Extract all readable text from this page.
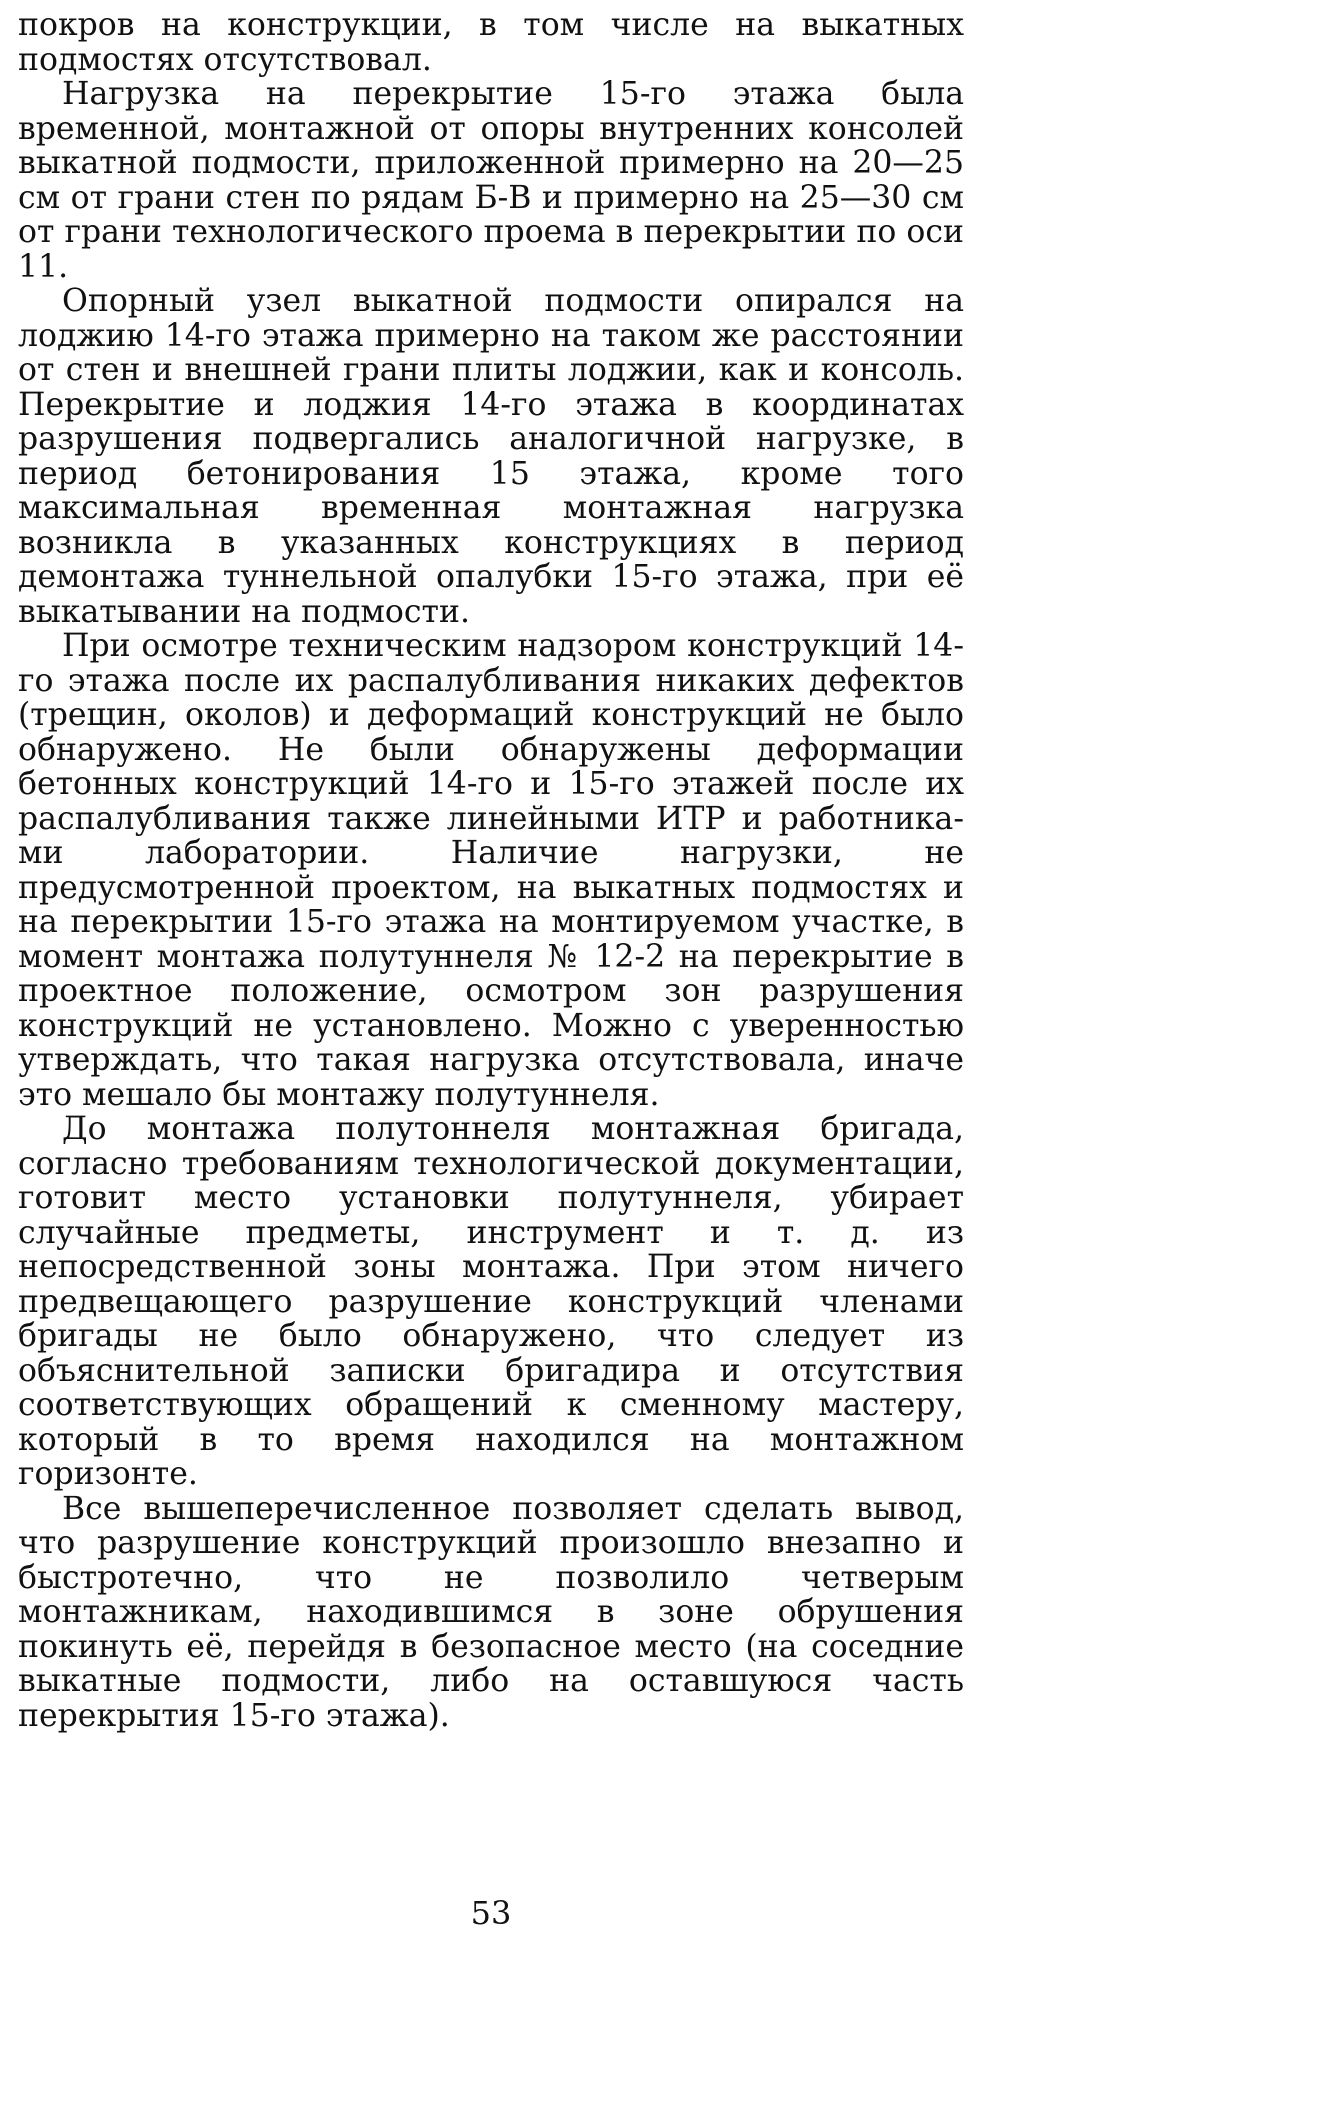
покров на конструкции, в том числе на выкатных подмостях отсутствовал.

Нагрузка на перекрытие 15-го этажа была временной, монтажной от опоры внутренних консолей выкатной подмости, приложенной примерно на 20—25 см от грани стен по рядам Б-В и примерно на 25—30 см от грани технологического проема в перекрытии по оси 11.

Опорный узел выкатной подмости опирался на лоджию 14-го этажа примерно на таком же расстоянии от стен и внешней грани плиты лоджии, как и консоль. Перекрытие и лоджия 14-го этажа в координатах разрушения подвергались аналогичной нагрузке, в период бетонирования 15 этажа, кроме того максимальная временная монтажная нагрузка возникла в указанных конструкциях в период демонтажа туннельной опалубки 15-го этажа, при её выкатывании на подмости.

При осмотре техническим надзором конструкций 14-го этажа после их распалубливания никаких дефектов (трещин, околов) и деформаций конструкций не было обнаружено. Не были обнаружены деформации бетонных конструкций 14-го и 15-го этажей после их распалубливания также линейными ИТР и работниками лаборатории. Наличие нагрузки, не предусмотренной проектом, на выкатных подмостях и на перекрытии 15-го этажа на монтируемом участке, в момент монтажа полутуннеля № 12-2 на перекрытие в проектное положение, осмотром зон разрушения конструкций не установлено. Можно с уверенностью утверждать, что такая нагрузка отсутствовала, иначе это мешало бы монтажу полутуннеля.

До монтажа полутоннеля монтажная бригада, согласно требованиям технологической документации, готовит место установки полутуннеля, убирает случайные предметы, инструмент и т. д. из непосредственной зоны монтажа. При этом ничего предвещающего разрушение конструкций членами бригады не было обнаружено, что следует из объяснительной записки бригадира и отсутствия соответствующих обращений к сменному мастеру, который в то время находился на монтажном горизонте.

Все вышеперечисленное позволяет сделать вывод, что разрушение конструкций произошло внезапно и быстротечно, что не позволило четверым монтажникам, находившимся в зоне обрушения покинуть её, перейдя в безопасное место (на соседние выкатные подмости, либо на оставшуюся часть перекрытия 15-го этажа).

53
